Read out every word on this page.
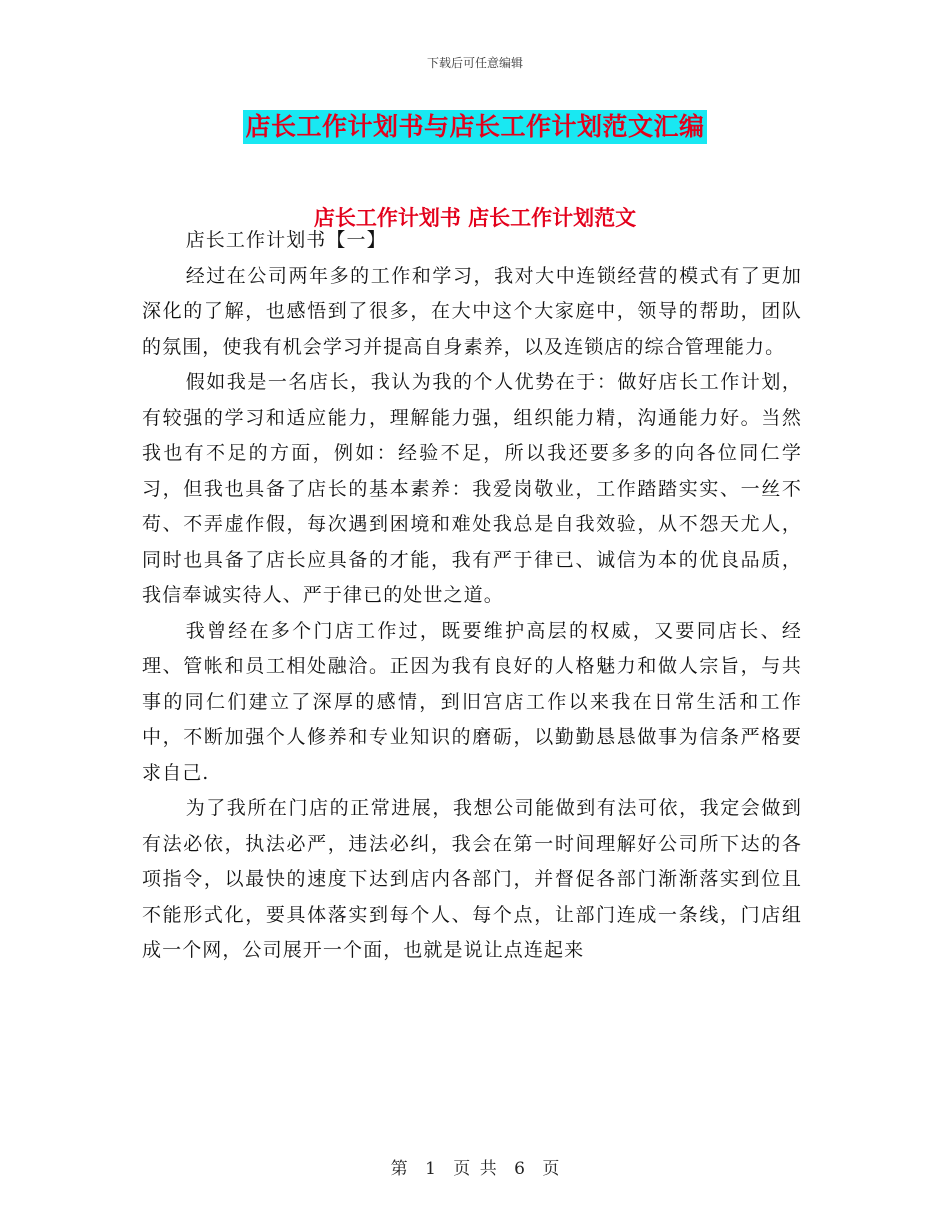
下载后可任意编辑
店长工作计划书与店长工作计划范文汇编
店长工作计划书 店长工作计划范文

店长工作计划书【一】

经过在公司两年多的工作和学习，我对大中连锁经营的模式有了更加深化的了解，也感悟到了很多，在大中这个大家庭中，领导的帮助，团队的氛围，使我有机会学习并提高自身素养，以及连锁店的综合管理能力。

假如我是一名店长，我认为我的个人优势在于：做好店长工作计划，有较强的学习和适应能力，理解能力强，组织能力精，沟通能力好。当然我也有不足的方面，例如：经验不足，所以我还要多多的向各位同仁学习，但我也具备了店长的基本素养：我爱岗敬业，工作踏踏实实、一丝不苟、不弄虚作假，每次遇到困境和难处我总是自我效验，从不怨天尤人，同时也具备了店长应具备的才能，我有严于律已、诚信为本的优良品质，我信奉诚实待人、严于律已的处世之道。

我曾经在多个门店工作过，既要维护高层的权威，又要同店长、经理、管帐和员工相处融洽。正因为我有良好的人格魅力和做人宗旨，与共事的同仁们建立了深厚的感情，到旧宫店工作以来我在日常生活和工作中，不断加强个人修养和专业知识的磨砺，以勤勤恳恳做事为信条严格要求自己.

为了我所在门店的正常进展，我想公司能做到有法可依，我定会做到有法必依，执法必严，违法必纠，我会在第一时间理解好公司所下达的各项指令，以最快的速度下达到店内各部门，并督促各部门渐渐落实到位且不能形式化，要具体落实到每个人、每个点，让部门连成一条线，门店组成一个网，公司展开一个面，也就是说让点连起来

第 1 页 共 6 页
